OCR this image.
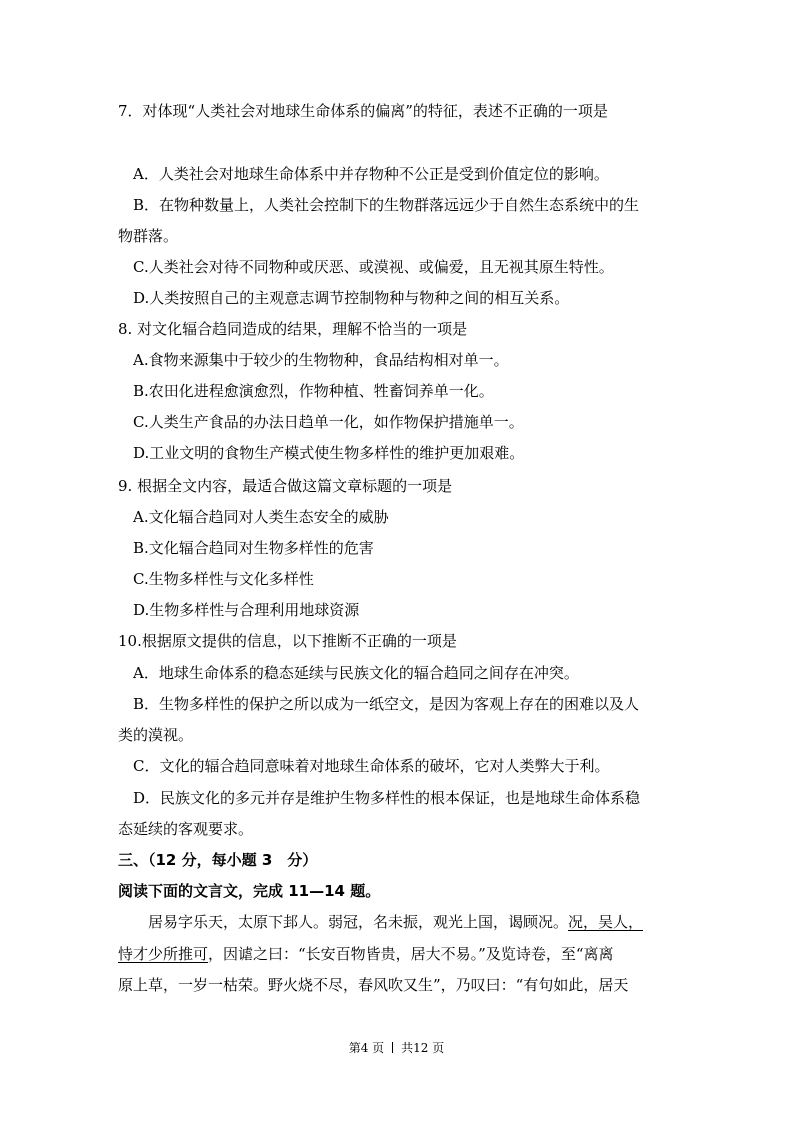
7．对体现“人类社会对地球生命体系的偏离”的特征，表述不正确的一项是
A．人类社会对地球生命体系中并存物种不公正是受到价值定位的影响。
B．在物种数量上，人类社会控制下的生物群落远远少于自然生态系统中的生
物群落。
C.人类社会对待不同物种或厌恶、或漠视、或偏爱，且无视其原生特性。
D.人类按照自己的主观意志调节控制物种与物种之间的相互关系。
8. 对文化辐合趋同造成的结果，理解不恰当的一项是
A.食物来源集中于较少的生物物种，食品结构相对单一。
B.农田化进程愈演愈烈，作物种植、牲畜饲养单一化。
C.人类生产食品的办法日趋单一化，如作物保护措施单一。
D.工业文明的食物生产模式使生物多样性的维护更加艰难。
9. 根据全文内容，最适合做这篇文章标题的一项是
A.文化辐合趋同对人类生态安全的威胁
B.文化辐合趋同对生物多样性的危害
C.生物多样性与文化多样性
D.生物多样性与合理利用地球资源
10.根据原文提供的信息，以下推断不正确的一项是
A．地球生命体系的稳态延续与民族文化的辐合趋同之间存在冲突。
B．生物多样性的保护之所以成为一纸空文，是因为客观上存在的困难以及人
类的漠视。
C．文化的辐合趋同意味着对地球生命体系的破坏，它对人类弊大于利。
D．民族文化的多元并存是维护生物多样性的根本保证，也是地球生命体系稳
态延续的客观要求。
三、（12 分，每小题 3　分）
阅读下面的文言文，完成 11—14 题。
居易字乐天，太原下邽人。弱冠，名未振，观光上国，谒顾况。况，吴人，
恃才少所推可，因谑之曰：“长安百物皆贵，居大不易。”及览诗卷，至“离离
原上草，一岁一枯荣。野火烧不尽，春风吹又生”，乃叹曰：“有句如此，居天
第4 页 共12 页
